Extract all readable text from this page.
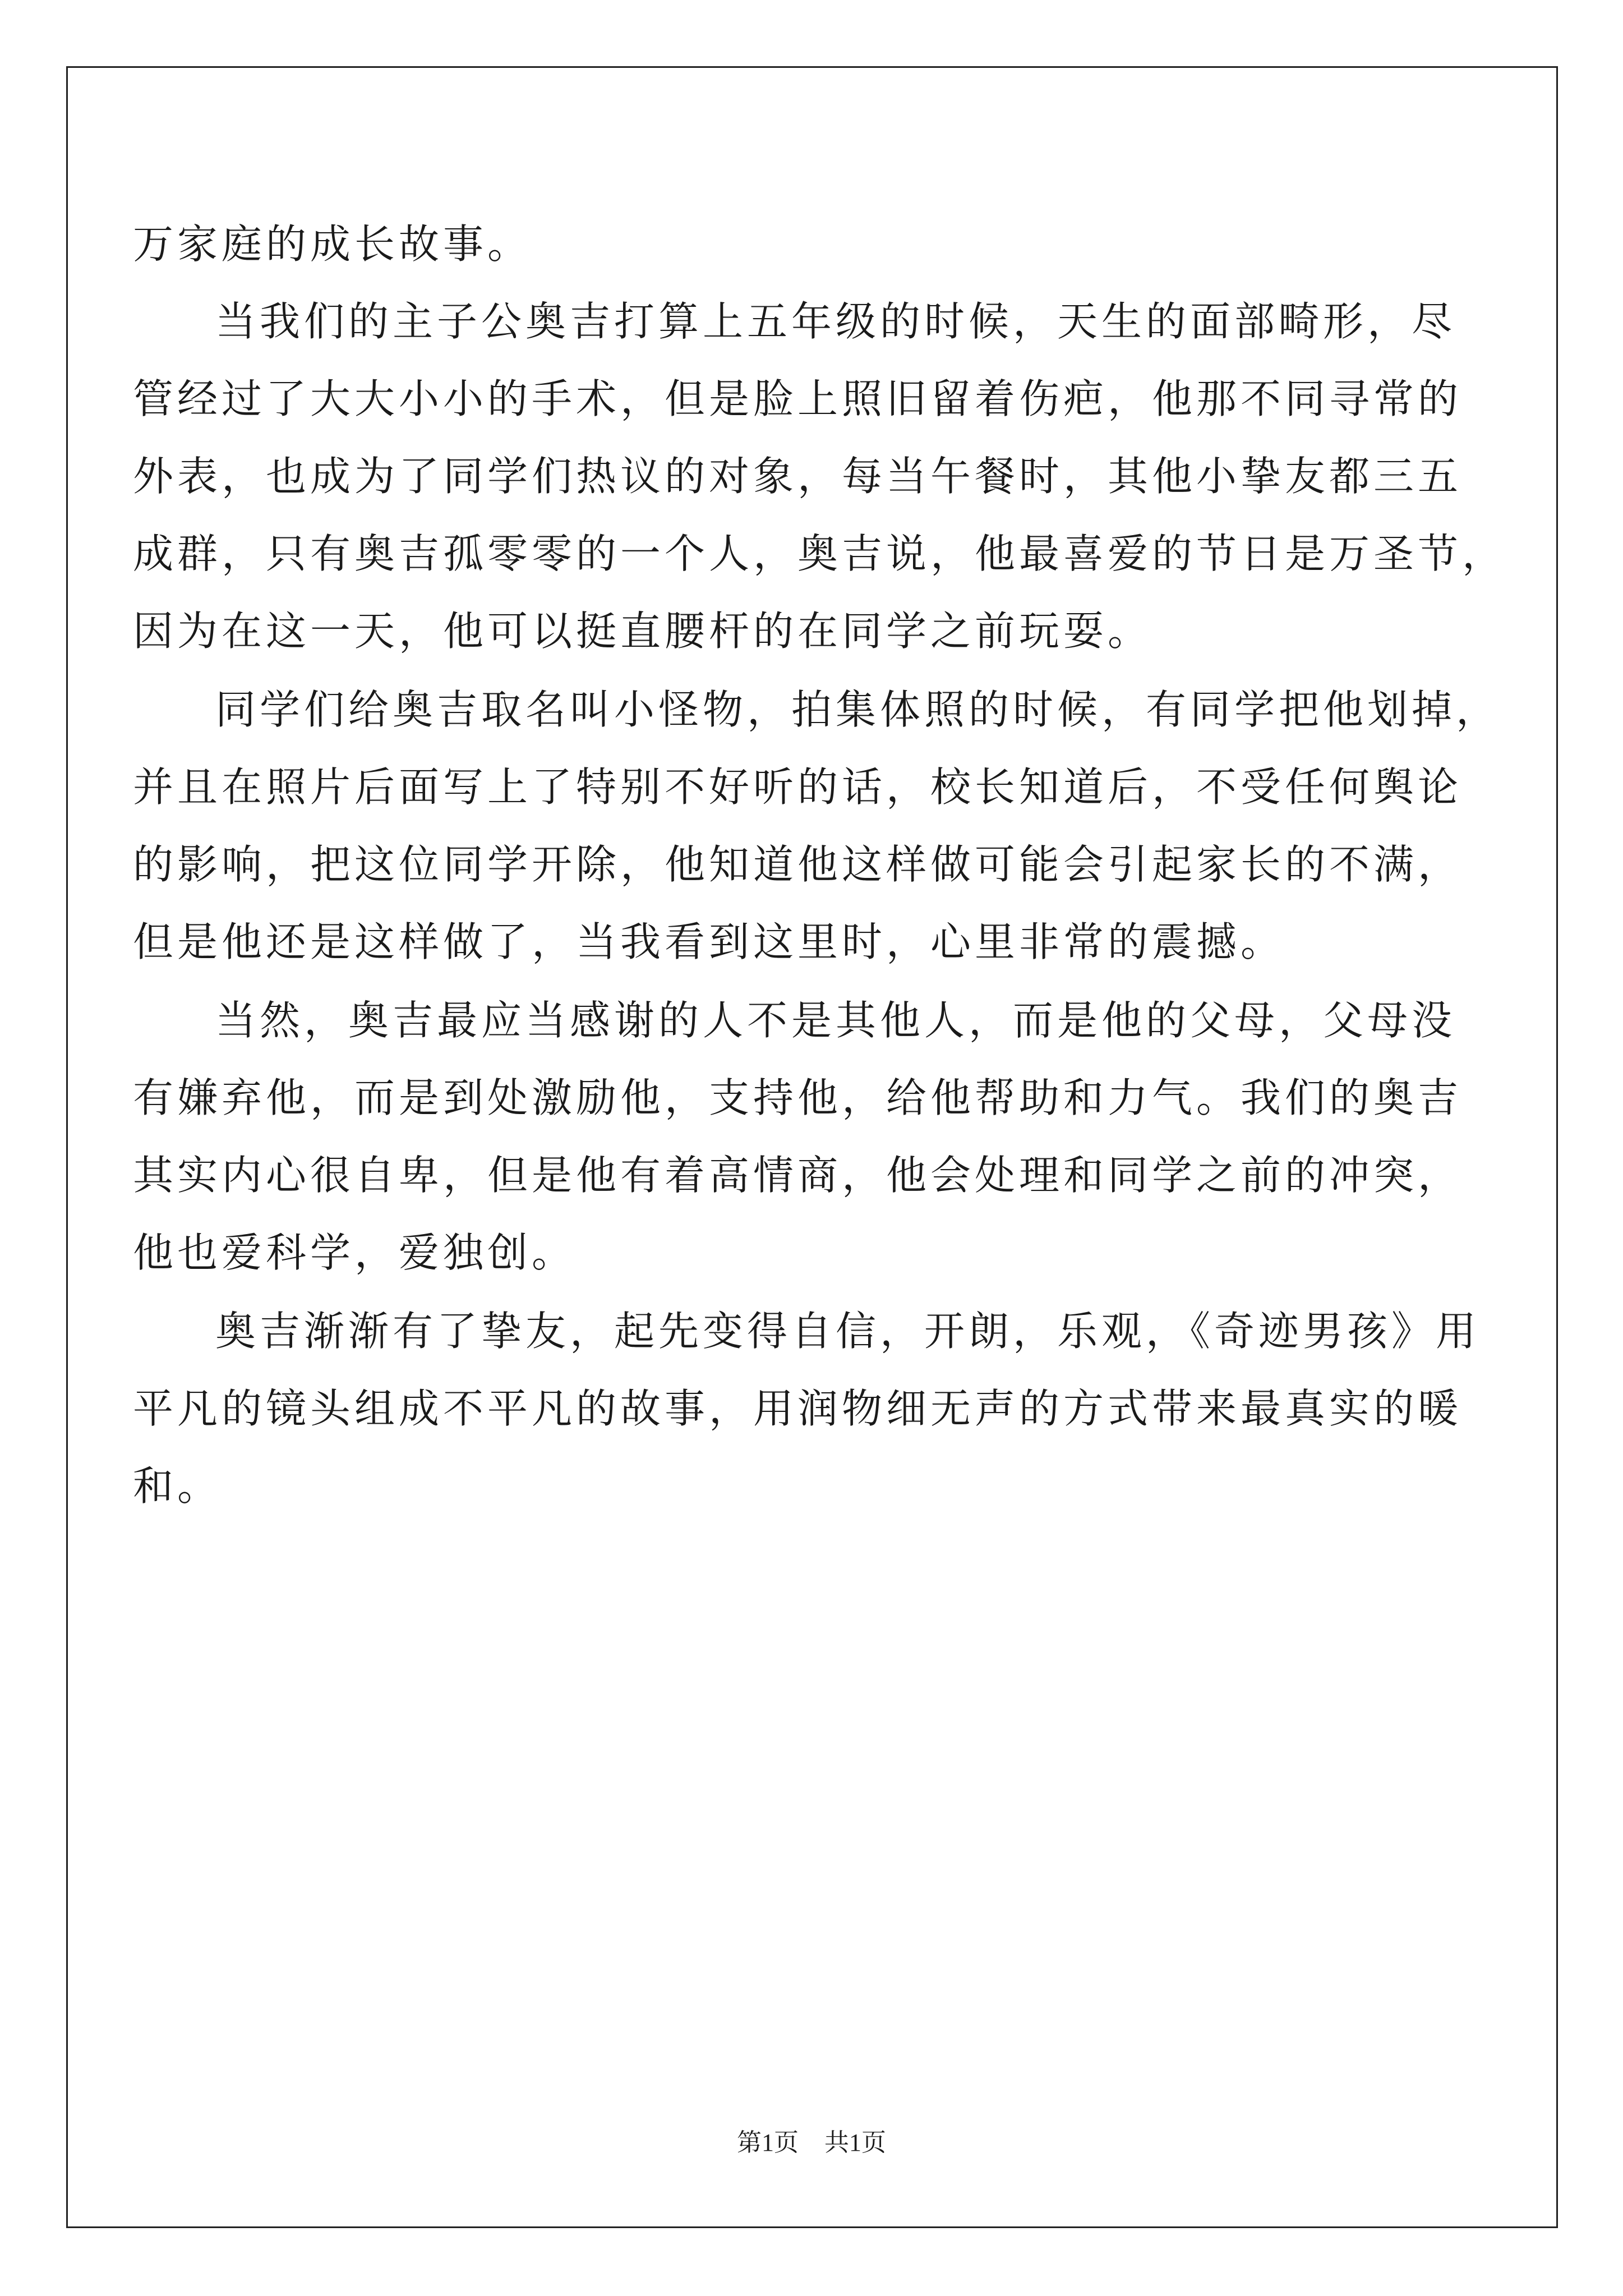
万家庭的成长故事。
当我们的主子公奥吉打算上五年级的时候，天生的面部畸形，尽
管经过了大大小小的手术，但是脸上照旧留着伤疤，他那不同寻常的
外表，也成为了同学们热议的对象，每当午餐时，其他小挚友都三五
成群，只有奥吉孤零零的一个人，奥吉说，他最喜爱的节日是万圣节，
因为在这一天，他可以挺直腰杆的在同学之前玩耍。
同学们给奥吉取名叫小怪物，拍集体照的时候，有同学把他划掉，
并且在照片后面写上了特别不好听的话，校长知道后，不受任何舆论
的影响，把这位同学开除，他知道他这样做可能会引起家长的不满，
但是他还是这样做了，当我看到这里时，心里非常的震撼。
当然，奥吉最应当感谢的人不是其他人，而是他的父母，父母没
有嫌弃他，而是到处激励他，支持他，给他帮助和力气。我们的奥吉
其实内心很自卑，但是他有着高情商，他会处理和同学之前的冲突，
他也爱科学，爱独创。
奥吉渐渐有了挚友，起先变得自信，开朗，乐观，《奇迹男孩》用
平凡的镜头组成不平凡的故事，用润物细无声的方式带来最真实的暖
和。
第1页 共1页
